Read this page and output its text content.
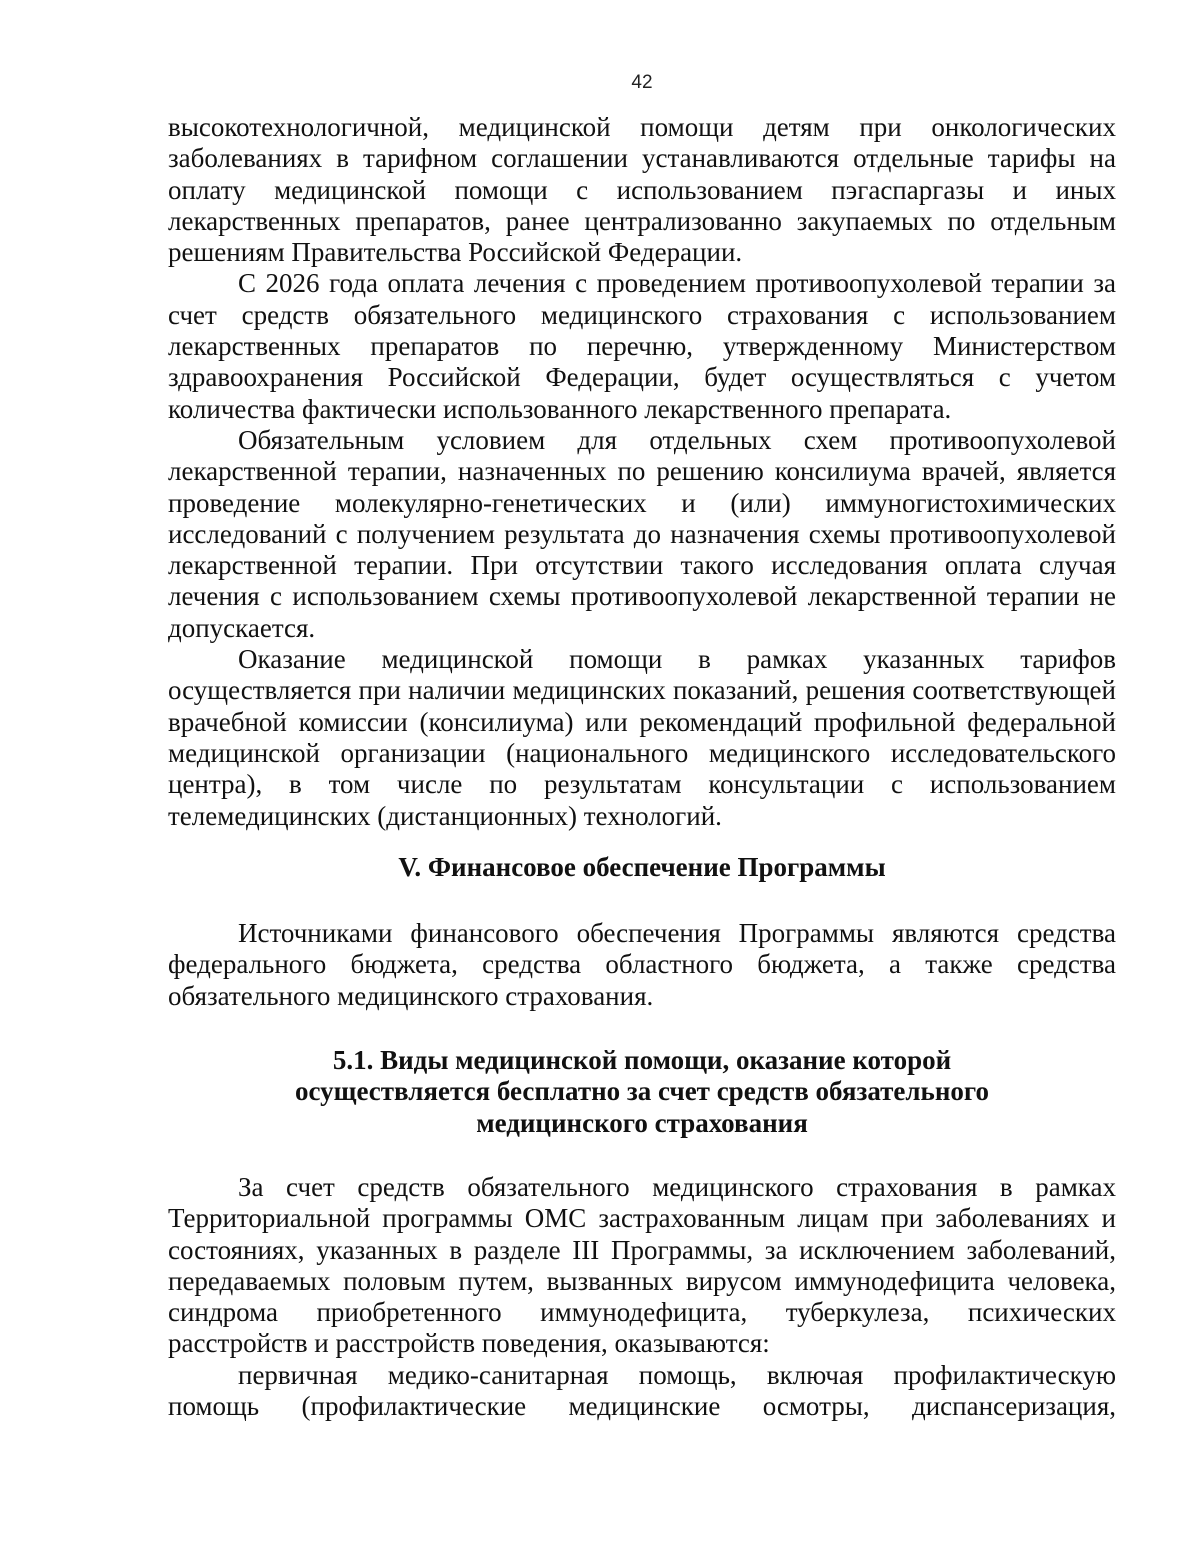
42

высокотехнологичной, медицинской помощи детям при онкологических заболеваниях в тарифном соглашении устанавливаются отдельные тарифы на оплату медицинской помощи с использованием пэгаспаргазы и иных лекарственных препаратов, ранее централизованно закупаемых по отдельным решениям Правительства Российской Федерации.

С 2026 года оплата лечения с проведением противоопухолевой терапии за счет средств обязательного медицинского страхования с использованием лекарственных препаратов по перечню, утвержденному Министерством здравоохранения Российской Федерации, будет осуществляться с учетом количества фактически использованного лекарственного препарата.

Обязательным условием для отдельных схем противоопухолевой лекарственной терапии, назначенных по решению консилиума врачей, является проведение молекулярно-генетических и (или) иммуногистохимических исследований с получением результата до назначения схемы противоопухолевой лекарственной терапии. При отсутствии такого исследования оплата случая лечения с использованием схемы противоопухолевой лекарственной терапии не допускается.

Оказание медицинской помощи в рамках указанных тарифов осуществляется при наличии медицинских показаний, решения соответствующей врачебной комиссии (консилиума) или рекомендаций профильной федеральной медицинской организации (национального медицинского исследовательского центра), в том числе по результатам консультации с использованием телемедицинских (дистанционных) технологий.

V. Финансовое обеспечение Программы

Источниками финансового обеспечения Программы являются средства федерального бюджета, средства областного бюджета, а также средства обязательного медицинского страхования.

5.1. Виды медицинской помощи, оказание которой
осуществляется бесплатно за счет средств обязательного
медицинского страхования

За счет средств обязательного медицинского страхования в рамках Территориальной программы ОМС застрахованным лицам при заболеваниях и состояниях, указанных в разделе III Программы, за исключением заболеваний, передаваемых половым путем, вызванных вирусом иммунодефицита человека, синдрома приобретенного иммунодефицита, туберкулеза, психических расстройств и расстройств поведения, оказываются:

первичная медико-санитарная помощь, включая профилактическую помощь (профилактические медицинские осмотры, диспансеризация,
